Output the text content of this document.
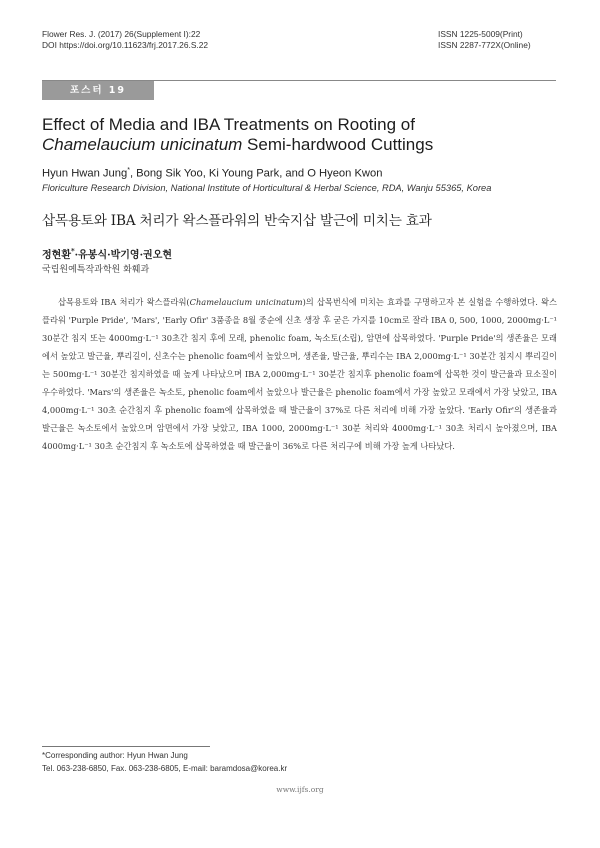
Flower Res. J. (2017) 26(Supplement I):22
DOI https://doi.org/10.11623/frj.2017.26.S.22
ISSN 1225-5009(Print)
ISSN 2287-772X(Online)
포스터 19
Effect of Media and IBA Treatments on Rooting of
Chamelaucium unicinatum Semi-hardwood Cuttings
Hyun Hwan Jung*, Bong Sik Yoo, Ki Young Park, and O Hyeon Kwon
Floriculture Research Division, National Institute of Horticultural & Herbal Science, RDA, Wanju 55365, Korea
삽목용토와 IBA 처리가 왁스플라워의 반숙지삽 발근에 미치는 효과
정현환*·유봉식·박기영·권오현
국립원예특작과학원 화훼과

삽목용토와 IBA 처리가 왁스플라워(Chamelaucium unicinatum)의 삽목번식에 미치는 효과를 구명하고자 본 실험을 수행하였다. 왁스플라워 'Purple Pride', 'Mars', 'Early Ofir' 3품종을 8월 중순에 신초 생장 후 굳은 가지를 10cm로 잘라 IBA 0, 500, 1000, 2000mg·L⁻¹ 30분간 침지 또는 4000mg·L⁻¹ 30초간 침지 후에 모래, phenolic foam, 녹소토(소립), 암면에 삽목하였다. 'Purple Pride'의 생존율은 모래에서 높았고 발근율, 뿌리길이, 신초수는 phenolic foam에서 높았으며, 생존율, 발근율, 뿌리수는 IBA 2,000mg·L⁻¹ 30분간 침지시 뿌리길이는 500mg·L⁻¹ 30분간 침지하였을 때 높게 나타났으며 IBA 2,000mg·L⁻¹ 30분간 침지후 phenolic foam에 삽목한 것이 발근율과 묘소질이 우수하였다. 'Mars'의 생존율은 녹소토, phenolic foam에서 높았으나 발근율은 phenolic foam에서 가장 높았고 모래에서 가장 낮았고, IBA 4,000mg·L⁻¹ 30초 순간침지 후 phenolic foam에 삽목하였을 때 발근율이 37%로 다른 처리에 비해 가장 높았다. 'Early Ofir'의 생존율과 발근율은 녹소토에서 높았으며 암면에서 가장 낮았고, IBA 1000, 2000mg·L⁻¹ 30분 처리와 4000mg·L⁻¹ 30초 처리시 높아졌으며, IBA 4000mg·L⁻¹ 30초 순간침지 후 녹소토에 삽목하였을 때 발근율이 36%로 다른 처리구에 비해 가장 높게 나타났다.

*Corresponding author: Hyun Hwan Jung
Tel. 063-238-6850, Fax. 063-238-6805, E-mail: baramdosa@korea.kr
www.ijfs.org
